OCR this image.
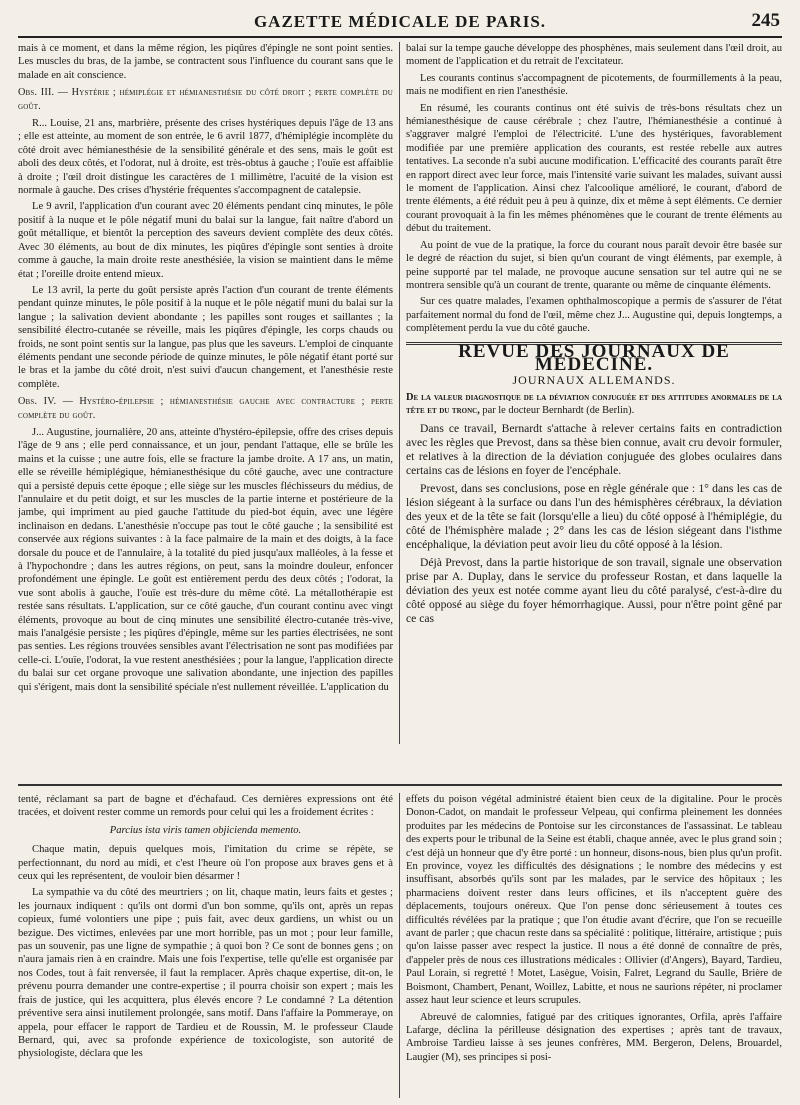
GAZETTE MÉDICALE DE PARIS.	245

mais à ce moment, et dans la même région, les piqûres d'épingle ne sont point senties. Les muscles du bras, de la jambe, se contractent sous l'influence du courant sans que le malade en ait conscience.

Obs. III. — Hystérie ; hémiplégie et hémianesthésie du côté droit ; perte complète du goût.

R... Louise, 21 ans, marbrière, présente des crises hystériques depuis l'âge de 13 ans ; elle est atteinte, au moment de son entrée, le 6 avril 1877, d'hémiplégie incomplète du côté droit avec hémianesthésie de la sensibilité générale et des sens, mais le goût est aboli des deux côtés, et l'odorat, nul à droite, est très-obtus à gauche ; l'ouïe est affaiblie à droite ; l'œil droit distingue les caractères de 1 millimètre, l'acuité de la vision est normale à gauche. Des crises d'hystérie fréquentes s'accompagnent de catalepsie.

Le 9 avril, l'application d'un courant avec 20 éléments pendant cinq minutes, le pôle positif à la nuque et le pôle négatif muni du balai sur la langue, fait naître d'abord un goût métallique, et bientôt la perception des saveurs devient complète des deux côtés. Avec 30 éléments, au bout de dix minutes, les piqûres d'épingle sont senties à droite comme à gauche, la main droite reste anesthésiée, la vision se maintient dans le même état ; l'oreille droite entend mieux.

Le 13 avril, la perte du goût persiste après l'action d'un courant de trente éléments pendant quinze minutes, le pôle positif à la nuque et le pôle négatif muni du balai sur la langue ; la salivation devient abondante ; les papilles sont rouges et saillantes ; la sensibilité électro-cutanée se réveille, mais les piqûres d'épingle, les corps chauds ou froids, ne sont point sentis sur la langue, pas plus que les saveurs. L'emploi de cinquante éléments pendant une seconde période de quinze minutes, le pôle négatif étant porté sur le bras et la jambe du côté droit, n'est suivi d'aucun changement, et l'anesthésie reste complète.

Obs. IV. — Hystéro-épilepsie ; hémianesthésie gauche avec contracture ; perte complète du goût.

J... Augustine, journalière, 20 ans, atteinte d'hystéro-épilepsie, offre des crises depuis l'âge de 9 ans ; elle perd connaissance, et un jour, pendant l'attaque, elle se brûle les mains et la cuisse ; une autre fois, elle se fracture la jambe droite. A 17 ans, un matin, elle se réveille hémiplégique, hémianesthésique du côté gauche, avec une contracture qui a persisté depuis cette époque ; elle siège sur les muscles fléchisseurs du médius, de l'annulaire et du petit doigt, et sur les muscles de la partie interne et postérieure de la jambe, qui impriment au pied gauche l'attitude du pied-bot équin, avec une légère inclinaison en dedans. L'anesthésie n'occupe pas tout le côté gauche ; la sensibilité est conservée aux régions suivantes : à la face palmaire de la main et des doigts, à la face dorsale du pouce et de l'annulaire, à la totalité du pied jusqu'aux malléoles, à la fesse et à l'hypochondre ; dans les autres régions, on peut, sans la moindre douleur, enfoncer profondément une épingle. Le goût est entièrement perdu des deux côtés ; l'odorat, la vue sont abolis à gauche, l'ouïe est très-dure du même côté. La métallothérapie est restée sans résultats. L'application, sur ce côté gauche, d'un courant continu avec vingt éléments, provoque au bout de cinq minutes une sensibilité électro-cutanée très-vive, mais l'analgésie persiste ; les piqûres d'épingle, même sur les parties électrisées, ne sont pas senties. Les régions trouvées sensibles avant l'électrisation ne sont pas modifiées par celle-ci. L'ouïe, l'odorat, la vue restent anesthésiées ; pour la langue, l'application directe du balai sur cet organe provoque une salivation abondante, une injection des papilles qui s'érigent, mais dont la sensibilité spéciale n'est nullement réveillée. L'application du

balai sur la tempe gauche développe des phosphènes, mais seulement dans l'œil droit, au moment de l'application et du retrait de l'excitateur.

Les courants continus s'accompagnent de picotements, de fourmillements à la peau, mais ne modifient en rien l'anesthésie.

En résumé, les courants continus ont été suivis de très-bons résultats chez un hémianesthésique de cause cérébrale ; chez l'autre, l'hémianesthésie a continué à s'aggraver malgré l'emploi de l'électricité. L'une des hystériques, favorablement modifiée par une première application des courants, est restée rebelle aux autres tentatives. La seconde n'a subi aucune modification. L'efficacité des courants paraît être en rapport direct avec leur force, mais l'intensité varie suivant les malades, suivant aussi le moment de l'application. Ainsi chez l'alcoolique amélioré, le courant, d'abord de trente éléments, a été réduit peu à peu à quinze, dix et même à sept éléments. Ce dernier courant provoquait à la fin les mêmes phénomènes que le courant de trente éléments au début du traitement.

Au point de vue de la pratique, la force du courant nous paraît devoir être basée sur le degré de réaction du sujet, si bien qu'un courant de vingt éléments, par exemple, à peine supporté par tel malade, ne provoque aucune sensation sur tel autre qui ne se montrera sensible qu'à un courant de trente, quarante ou même de cinquante éléments.

Sur ces quatre malades, l'examen ophthalmoscopique a permis de s'assurer de l'état parfaitement normal du fond de l'œil, même chez J... Augustine qui, depuis longtemps, a complètement perdu la vue du côté gauche.

REVUE DES JOURNAUX DE MÉDECINE.

JOURNAUX ALLEMANDS.

De la valeur diagnostique de la déviation conjuguée et des attitudes anormales de la tête et du tronc, par le docteur Bernhardt (de Berlin).

Dans ce travail, Bernardt s'attache à relever certains faits en contradiction avec les règles que Prevost, dans sa thèse bien connue, avait cru devoir formuler, et relatives à la direction de la déviation conjuguée des globes oculaires dans certains cas de lésions en foyer de l'encéphale.

Prevost, dans ses conclusions, pose en règle générale que : 1° dans les cas de lésion siégeant à la surface ou dans l'un des hémisphères cérébraux, la déviation des yeux et de la tête se fait (lorsqu'elle a lieu) du côté opposé à l'hémiplégie, du côté de l'hémisphère malade ; 2° dans les cas de lésion siégeant dans l'isthme encéphalique, la déviation peut avoir lieu du côté opposé à la lésion.

Déjà Prevost, dans la partie historique de son travail, signale une observation prise par A. Duplay, dans le service du professeur Rostan, et dans laquelle la déviation des yeux est notée comme ayant lieu du côté paralysé, c'est-à-dire du côté opposé au siège du foyer hémorrhagique. Aussi, pour n'être point gêné par ce cas

tenté, réclamant sa part de bagne et d'échafaud. Ces dernières expressions ont été tracées, et doivent rester comme un remords pour celui qui les a froidement écrites :

Parcius ista viris tamen objicienda memento.

Chaque matin, depuis quelques mois, l'imitation du crime se répète, se perfectionnant, du nord au midi, et c'est l'heure où l'on propose aux braves gens et à ceux qui les représentent, de vouloir bien désarmer !

La sympathie va du côté des meurtriers ; on lit, chaque matin, leurs faits et gestes ; les journaux indiquent : qu'ils ont dormi d'un bon somme, qu'ils ont, après un repas copieux, fumé volontiers une pipe ; puis fait, avec deux gardiens, un whist ou un bezigue. Des victimes, enlevées par une mort horrible, pas un mot ; pour leur famille, pas un souvenir, pas une ligne de sympathie ; à quoi bon ? Ce sont de bonnes gens ; on n'aura jamais rien à en craindre. Mais une fois l'expertise, telle qu'elle est organisée par nos Codes, tout à fait renversée, il faut la remplacer. Après chaque expertise, dit-on, le prévenu pourra demander une contre-expertise ; il pourra choisir son expert ; mais les frais de justice, qui les acquittera, plus élevés encore ? Le condamné ? La détention préventive sera ainsi inutilement prolongée, sans motif. Dans l'affaire la Pommeraye, on appela, pour effacer le rapport de Tardieu et de Roussin, M. le professeur Claude Bernard, qui, avec sa profonde expérience de toxicologiste, son autorité de physiologiste, déclara que les

effets du poison végétal administré étaient bien ceux de la digitaline. Pour le procès Donon-Cadot, on mandait le professeur Velpeau, qui confirma pleinement les données produites par les médecins de Pontoise sur les circonstances de l'assassinat. Le tableau des experts pour le tribunal de la Seine est établi, chaque année, avec le plus grand soin ; c'est déjà un honneur que d'y être porté : un honneur, disons-nous, bien plus qu'un profit. En province, voyez les difficultés des désignations ; le nombre des médecins y est insuffisant, absorbés qu'ils sont par les malades, par le service des hôpitaux ; les pharmaciens doivent rester dans leurs officines, et ils n'acceptent guère des déplacements, toujours onéreux. Que l'on pense donc sérieusement à toutes ces difficultés révélées par la pratique ; que l'on étudie avant d'écrire, que l'on se recueille avant de parler ; que chacun reste dans sa spécialité : politique, littéraire, artistique ; puis qu'on laisse passer avec respect la justice. Il nous a été donné de connaître de près, d'appeler près de nous ces illustrations médicales : Ollivier (d'Angers), Bayard, Tardieu, Paul Lorain, si regretté ! Motet, Lasègue, Voisin, Falret, Legrand du Saulle, Brière de Boismont, Chambert, Penant, Woillez, Labitte, et nous ne saurions répéter, ni proclamer assez haut leur science et leurs scrupules.

Abreuvé de calomnies, fatigué par des critiques ignorantes, Orfila, après l'affaire Lafarge, déclina la périlleuse désignation des expertises ; après tant de travaux, Ambroise Tardieu laisse à ses jeunes confrères, MM. Bergeron, Delens, Brouardel, Laugier (M), ses principes si posi-
